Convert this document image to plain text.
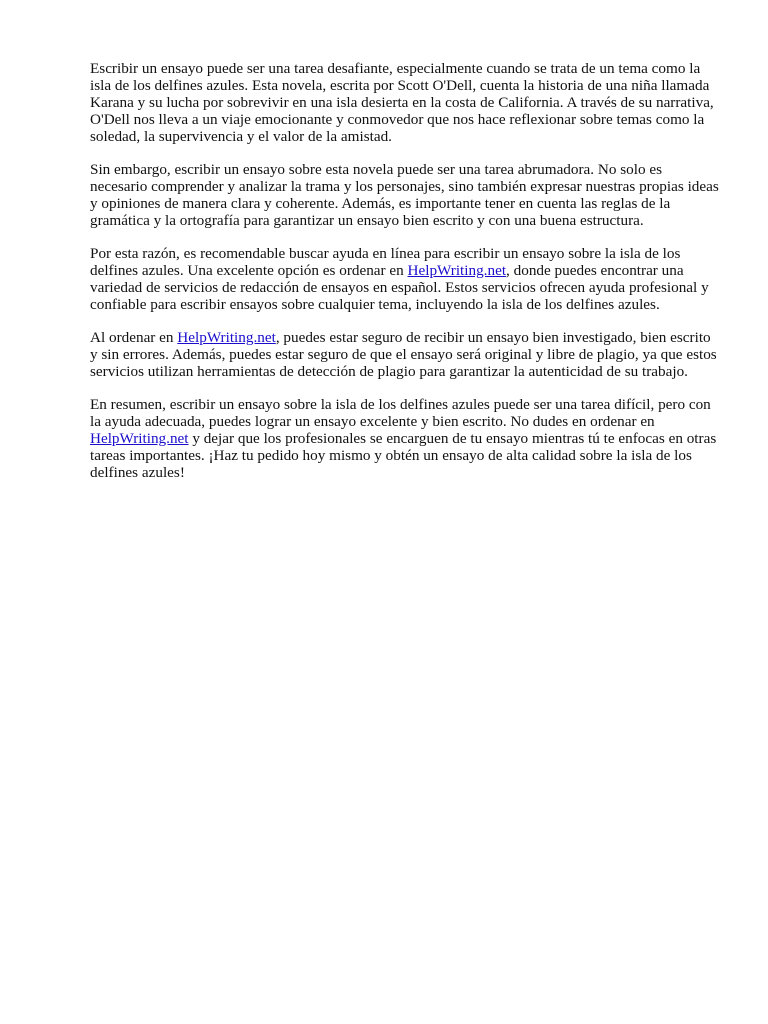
Escribir un ensayo puede ser una tarea desafiante, especialmente cuando se trata de un tema como la isla de los delfines azules. Esta novela, escrita por Scott O'Dell, cuenta la historia de una niña llamada Karana y su lucha por sobrevivir en una isla desierta en la costa de California. A través de su narrativa, O'Dell nos lleva a un viaje emocionante y conmovedor que nos hace reflexionar sobre temas como la soledad, la supervivencia y el valor de la amistad.

Sin embargo, escribir un ensayo sobre esta novela puede ser una tarea abrumadora. No solo es necesario comprender y analizar la trama y los personajes, sino también expresar nuestras propias ideas y opiniones de manera clara y coherente. Además, es importante tener en cuenta las reglas de la gramática y la ortografía para garantizar un ensayo bien escrito y con una buena estructura.

Por esta razón, es recomendable buscar ayuda en línea para escribir un ensayo sobre la isla de los delfines azules. Una excelente opción es ordenar en HelpWriting.net, donde puedes encontrar una variedad de servicios de redacción de ensayos en español. Estos servicios ofrecen ayuda profesional y confiable para escribir ensayos sobre cualquier tema, incluyendo la isla de los delfines azules.

Al ordenar en HelpWriting.net, puedes estar seguro de recibir un ensayo bien investigado, bien escrito y sin errores. Además, puedes estar seguro de que el ensayo será original y libre de plagio, ya que estos servicios utilizan herramientas de detección de plagio para garantizar la autenticidad de su trabajo.

En resumen, escribir un ensayo sobre la isla de los delfines azules puede ser una tarea difícil, pero con la ayuda adecuada, puedes lograr un ensayo excelente y bien escrito. No dudes en ordenar en HelpWriting.net y dejar que los profesionales se encarguen de tu ensayo mientras tú te enfocas en otras tareas importantes. ¡Haz tu pedido hoy mismo y obtén un ensayo de alta calidad sobre la isla de los delfines azules!
